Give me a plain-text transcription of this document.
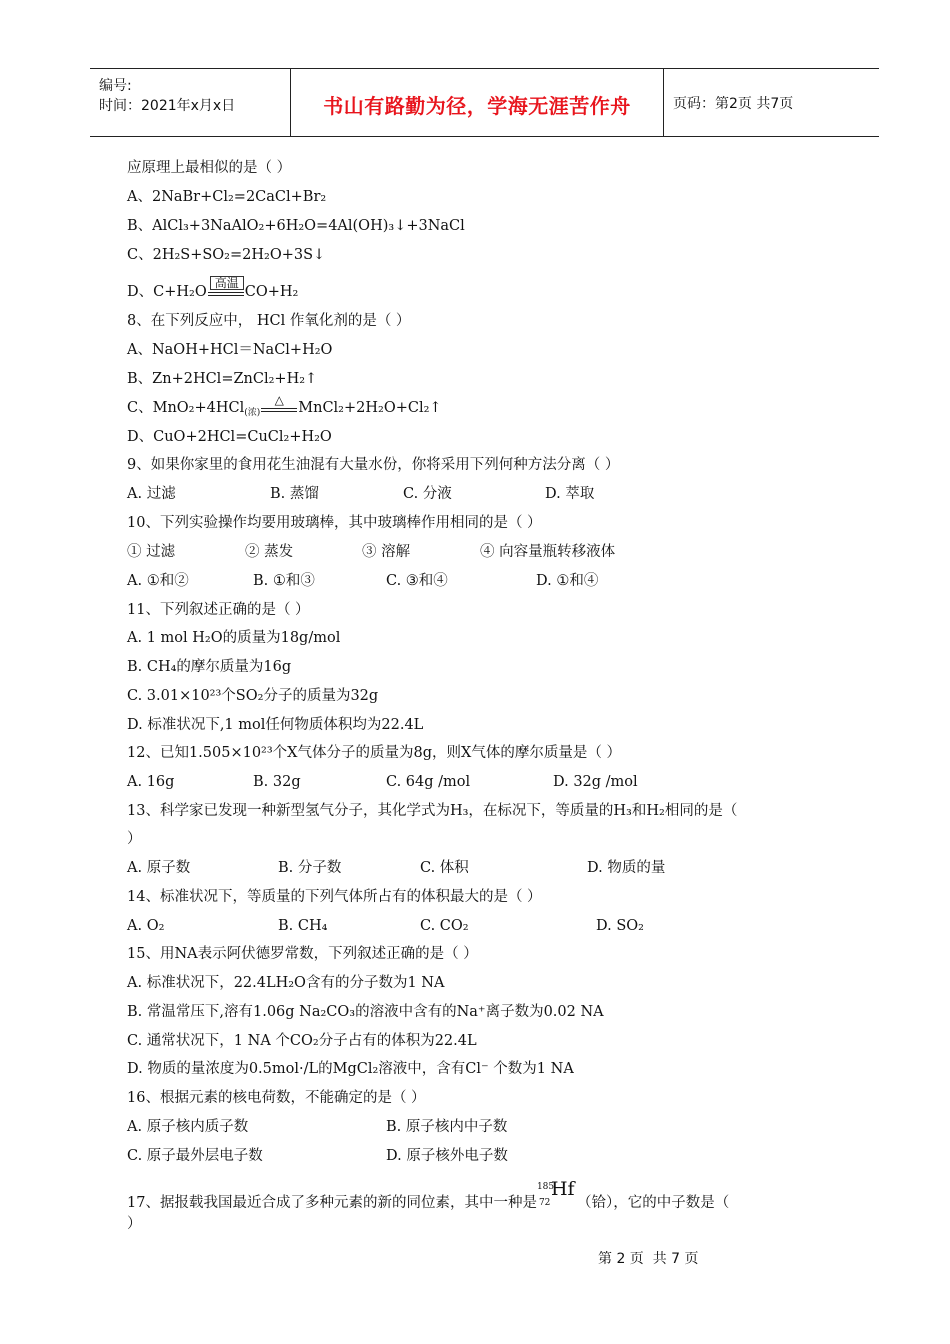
编号:
时间：2021年x月x日	书山有路勤为径，学海无涯苦作舟	页码：第2页 共7页
应原理上最相似的是（ ）
A、2NaBr+Cl₂=2CaCl+Br₂
B、AlCl₃+3NaAlO₂+6H₂O=4Al(OH)₃↓+3NaCl
C、2H₂S+SO₂=2H₂O+3S↓
D、C+H₂O
高温
CO+H₂
8、在下列反应中， HCl 作氧化剂的是（ ）
A、NaOH+HCl＝NaCl+H₂O
B、Zn+2HCl=ZnCl₂+H₂↑
C、MnO₂+4HCl$_{(浓)}$
△ MnCl₂+2H₂O+Cl₂↑
D、CuO+2HCl=CuCl₂+H₂O
9、如果你家里的食用花生油混有大量水份，你将采用下列何种方法分离（ ）
A. 过滤	B. 蒸馏	C. 分液	D. 萃取
10、下列实验操作均要用玻璃棒，其中玻璃棒作用相同的是（ ）
① 过滤	② 蒸发	③ 溶解	④ 向容量瓶转移液体
A. ①和②	B. ①和③	C. ③和④	D. ①和④
11、下列叙述正确的是（ ）
A. 1 mol H₂O的质量为18g/mol
B. CH₄的摩尔质量为16g
C. 3.01×10²³个SO₂分子的质量为32g
D. 标准状况下,1 mol任何物质体积均为22.4L
12、已知1.505×10²³个X气体分子的质量为8g，则X气体的摩尔质量是（ ）
A. 16g	B. 32g	C. 64g /mol	D. 32g /mol
13、科学家已发现一种新型氢气分子，其化学式为H₃，在标况下，等质量的H₃和H₂相同的是（
）
A. 原子数	B. 分子数	C. 体积	D. 物质的量
14、标准状况下，等质量的下列气体所占有的体积最大的是（ ）
A. O₂	B. CH₄	C. CO₂	D. SO₂
15、用NA表示阿伏德罗常数，下列叙述正确的是（ ）
A. 标准状况下，22.4LH₂O含有的分子数为1 NA
B. 常温常压下,溶有1.06g Na₂CO₃的溶液中含有的Na⁺离子数为0.02 NA
C. 通常状况下，1 NA 个CO₂分子占有的体积为22.4L
D. 物质的量浓度为0.5mol·/L的MgCl₂溶液中，含有Cl⁻ 个数为1 NA
16、根据元素的核电荷数，不能确定的是（ ）
A. 原子核内质子数	B. 原子核内中子数
C. 原子最外层电子数	D. 原子核外电子数
17、据报载我国最近合成了多种元素的新的同位素，其中一种是
185
72
Hf
（铪），它的中子数是（
）
第 2 页  共 7 页
